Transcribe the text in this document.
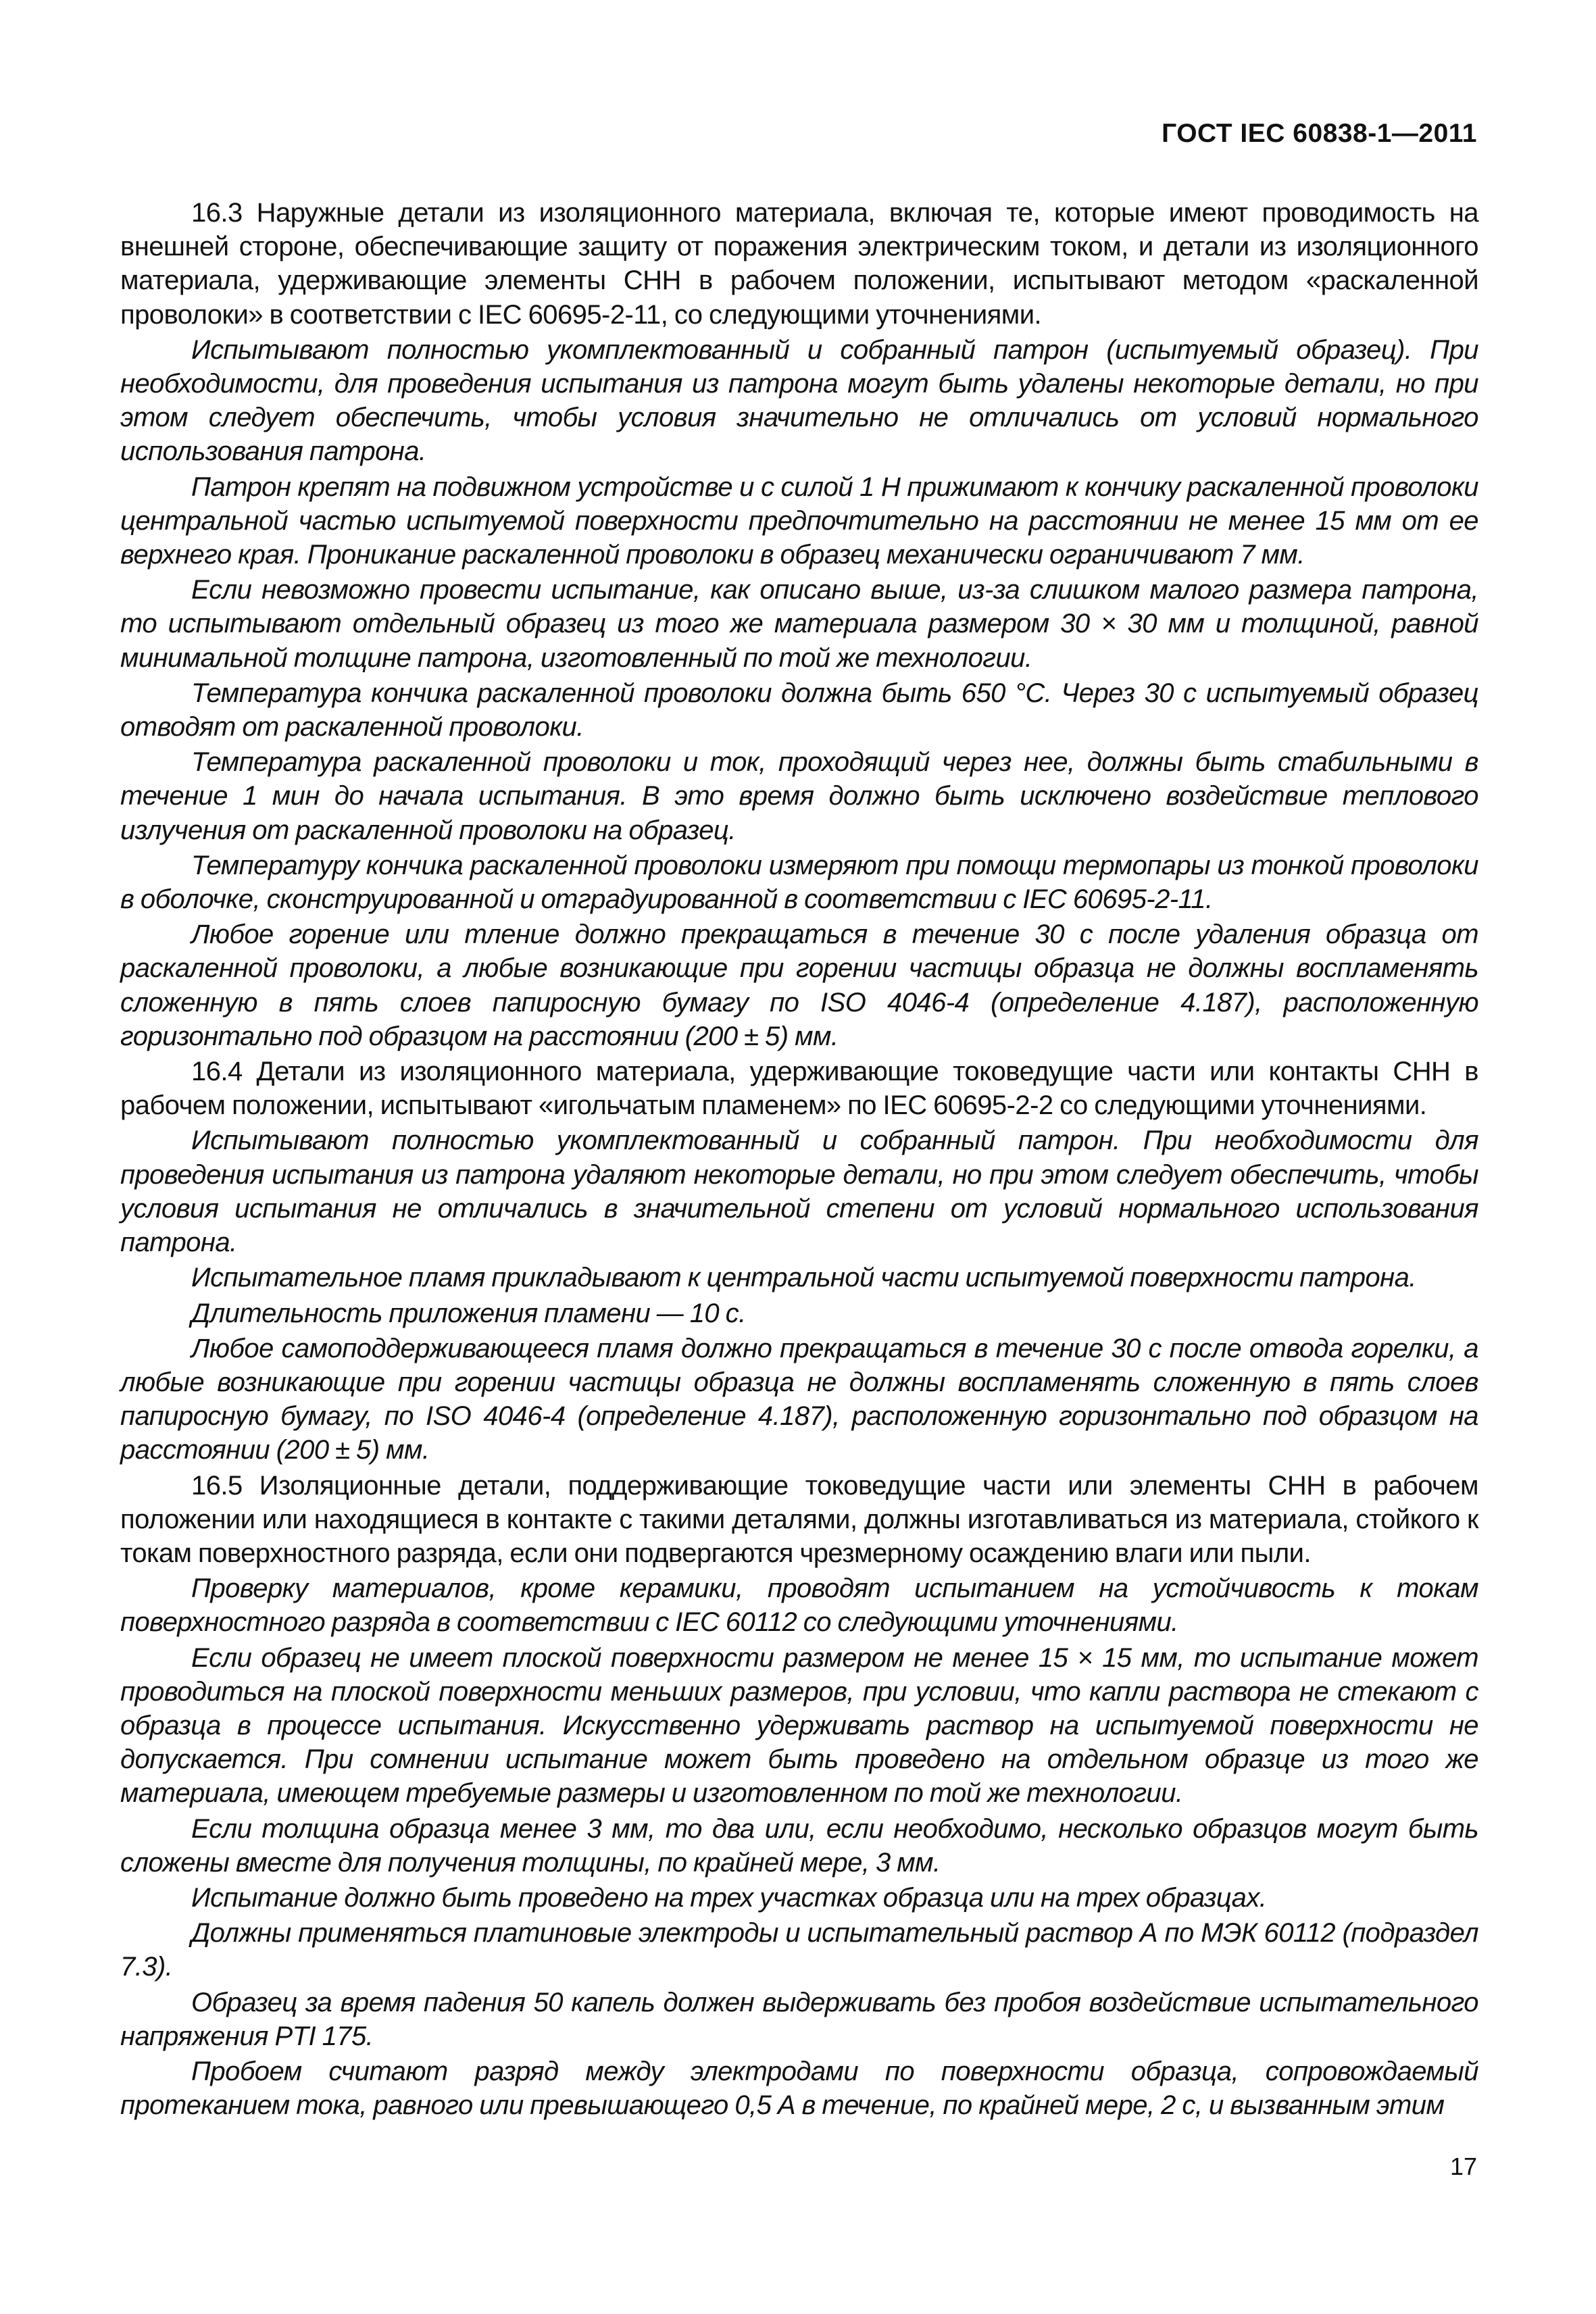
ГОСТ IEC 60838-1—2011

16.3 Наружные детали из изоляционного материала, включая те, которые имеют проводимость на внешней стороне, обеспечивающие защиту от поражения электрическим током, и детали из изоляционного материала, удерживающие элементы СНН в рабочем положении, испытывают методом «раскаленной проволоки» в соответствии с IEC 60695-2-11, со следующими уточнениями.

Испытывают полностью укомплектованный и собранный патрон (испытуемый образец). При необходимости, для проведения испытания из патрона могут быть удалены некоторые детали, но при этом следует обеспечить, чтобы условия значительно не отличались от условий нормального использования патрона.

Патрон крепят на подвижном устройстве и с силой 1 Н прижимают к кончику раскаленной проволоки центральной частью испытуемой поверхности предпочтительно на расстоянии не менее 15 мм от ее верхнего края. Проникание раскаленной проволоки в образец механически ограничивают 7 мм.

Если невозможно провести испытание, как описано выше, из-за слишком малого размера патрона, то испытывают отдельный образец из того же материала размером 30 × 30 мм и толщиной, равной минимальной толщине патрона, изготовленный по той же технологии.

Температура кончика раскаленной проволоки должна быть 650 °С. Через 30 с испытуемый образец отводят от раскаленной проволоки.

Температура раскаленной проволоки и ток, проходящий через нее, должны быть стабильными в течение 1 мин до начала испытания. В это время должно быть исключено воздействие теплового излучения от раскаленной проволоки на образец.

Температуру кончика раскаленной проволоки измеряют при помощи термопары из тонкой проволоки в оболочке, сконструированной и отградуированной в соответствии с IEC 60695-2-11.

Любое горение или тление должно прекращаться в течение 30 с после удаления образца от раскаленной проволоки, а любые возникающие при горении частицы образца не должны воспламенять сложенную в пять слоев папиросную бумагу по ISO 4046-4 (определение 4.187), расположенную горизонтально под образцом на расстоянии (200 ± 5) мм.

16.4 Детали из изоляционного материала, удерживающие токоведущие части или контакты СНН в рабочем положении, испытывают «игольчатым пламенем» по IEC 60695-2-2 со следующими уточнениями.

Испытывают полностью укомплектованный и собранный патрон. При необходимости для проведения испытания из патрона удаляют некоторые детали, но при этом следует обеспечить, чтобы условия испытания не отличались в значительной степени от условий нормального использования патрона.

Испытательное пламя прикладывают к центральной части испытуемой поверхности патрона.

Длительность приложения пламени — 10 с.

Любое самоподдерживающееся пламя должно прекращаться в течение 30 с после отвода горелки, а любые возникающие при горении частицы образца не должны воспламенять сложенную в пять слоев папиросную бумагу, по ISO 4046-4 (определение 4.187), расположенную горизонтально под образцом на расстоянии (200 ± 5) мм.

16.5 Изоляционные детали, поддерживающие токоведущие части или элементы СНН в рабочем положении или находящиеся в контакте с такими деталями, должны изготавливаться из материала, стойкого к токам поверхностного разряда, если они подвергаются чрезмерному осаждению влаги или пыли.

Проверку материалов, кроме керамики, проводят испытанием на устойчивость к токам поверхностного разряда в соответствии с IEC 60112 со следующими уточнениями.

Если образец не имеет плоской поверхности размером не менее 15 × 15 мм, то испытание может проводиться на плоской поверхности меньших размеров, при условии, что капли раствора не стекают с образца в процессе испытания. Искусственно удерживать раствор на испытуемой поверхности не допускается. При сомнении испытание может быть проведено на отдельном образце из того же материала, имеющем требуемые размеры и изготовленном по той же технологии.

Если толщина образца менее 3 мм, то два или, если необходимо, несколько образцов могут быть сложены вместе для получения толщины, по крайней мере, 3 мм.

Испытание должно быть проведено на трех участках образца или на трех образцах.

Должны применяться платиновые электроды и испытательный раствор А по МЭК 60112 (подраздел 7.3).

Образец за время падения 50 капель должен выдерживать без пробоя воздействие испытательного напряжения PTI 175.

Пробоем считают разряд между электродами по поверхности образца, сопровождаемый протеканием тока, равного или превышающего 0,5 А в течение, по крайней мере, 2 с, и вызванным этим

17
